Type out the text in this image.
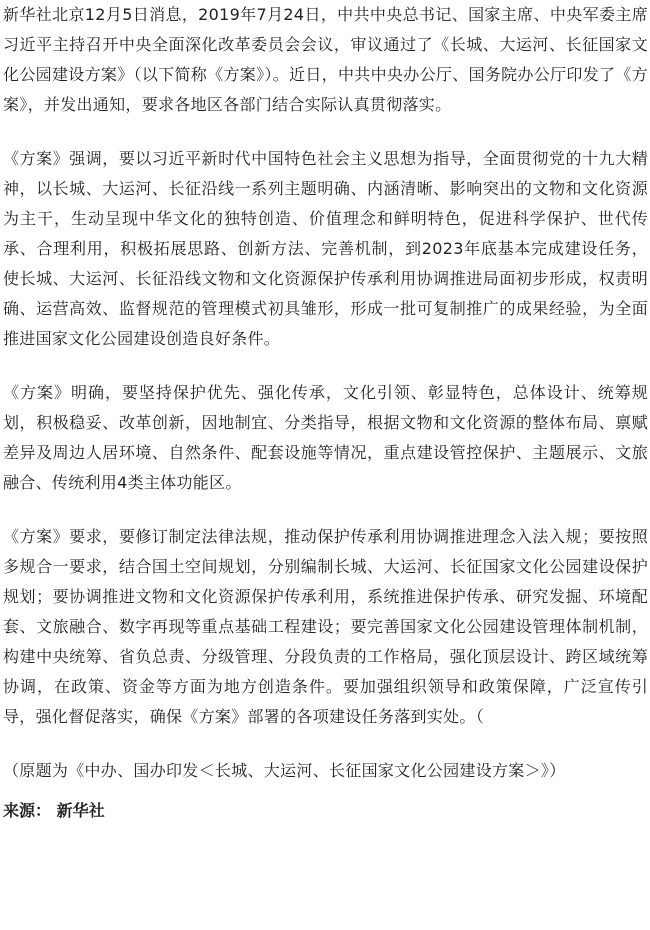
新华社北京12月5日消息，2019年7月24日，中共中央总书记、国家主席、中央军委主席习近平主持召开中央全面深化改革委员会会议，审议通过了《长城、大运河、长征国家文化公园建设方案》（以下简称《方案》）。近日，中共中央办公厅、国务院办公厅印发了《方案》，并发出通知，要求各地区各部门结合实际认真贯彻落实。

《方案》强调，要以习近平新时代中国特色社会主义思想为指导，全面贯彻党的十九大精神，以长城、大运河、长征沿线一系列主题明确、内涵清晰、影响突出的文物和文化资源为主干，生动呈现中华文化的独特创造、价值理念和鲜明特色，促进科学保护、世代传承、合理利用，积极拓展思路、创新方法、完善机制，到2023年底基本完成建设任务，使长城、大运河、长征沿线文物和文化资源保护传承利用协调推进局面初步形成，权责明确、运营高效、监督规范的管理模式初具雏形，形成一批可复制推广的成果经验，为全面推进国家文化公园建设创造良好条件。

《方案》明确，要坚持保护优先、强化传承，文化引领、彰显特色，总体设计、统筹规划，积极稳妥、改革创新，因地制宜、分类指导，根据文物和文化资源的整体布局、禀赋差异及周边人居环境、自然条件、配套设施等情况，重点建设管控保护、主题展示、文旅融合、传统利用4类主体功能区。

《方案》要求，要修订制定法律法规，推动保护传承利用协调推进理念入法入规；要按照多规合一要求，结合国土空间规划，分别编制长城、大运河、长征国家文化公园建设保护规划；要协调推进文物和文化资源保护传承利用，系统推进保护传承、研究发掘、环境配套、文旅融合、数字再现等重点基础工程建设；要完善国家文化公园建设管理体制机制，构建中央统筹、省负总责、分级管理、分段负责的工作格局，强化顶层设计、跨区域统筹协调，在政策、资金等方面为地方创造条件。要加强组织领导和政策保障，广泛宣传引导，强化督促落实，确保《方案》部署的各项建设任务落到实处。（

（原题为《中办、国办印发＜长城、大运河、长征国家文化公园建设方案＞》）

来源： 新华社
